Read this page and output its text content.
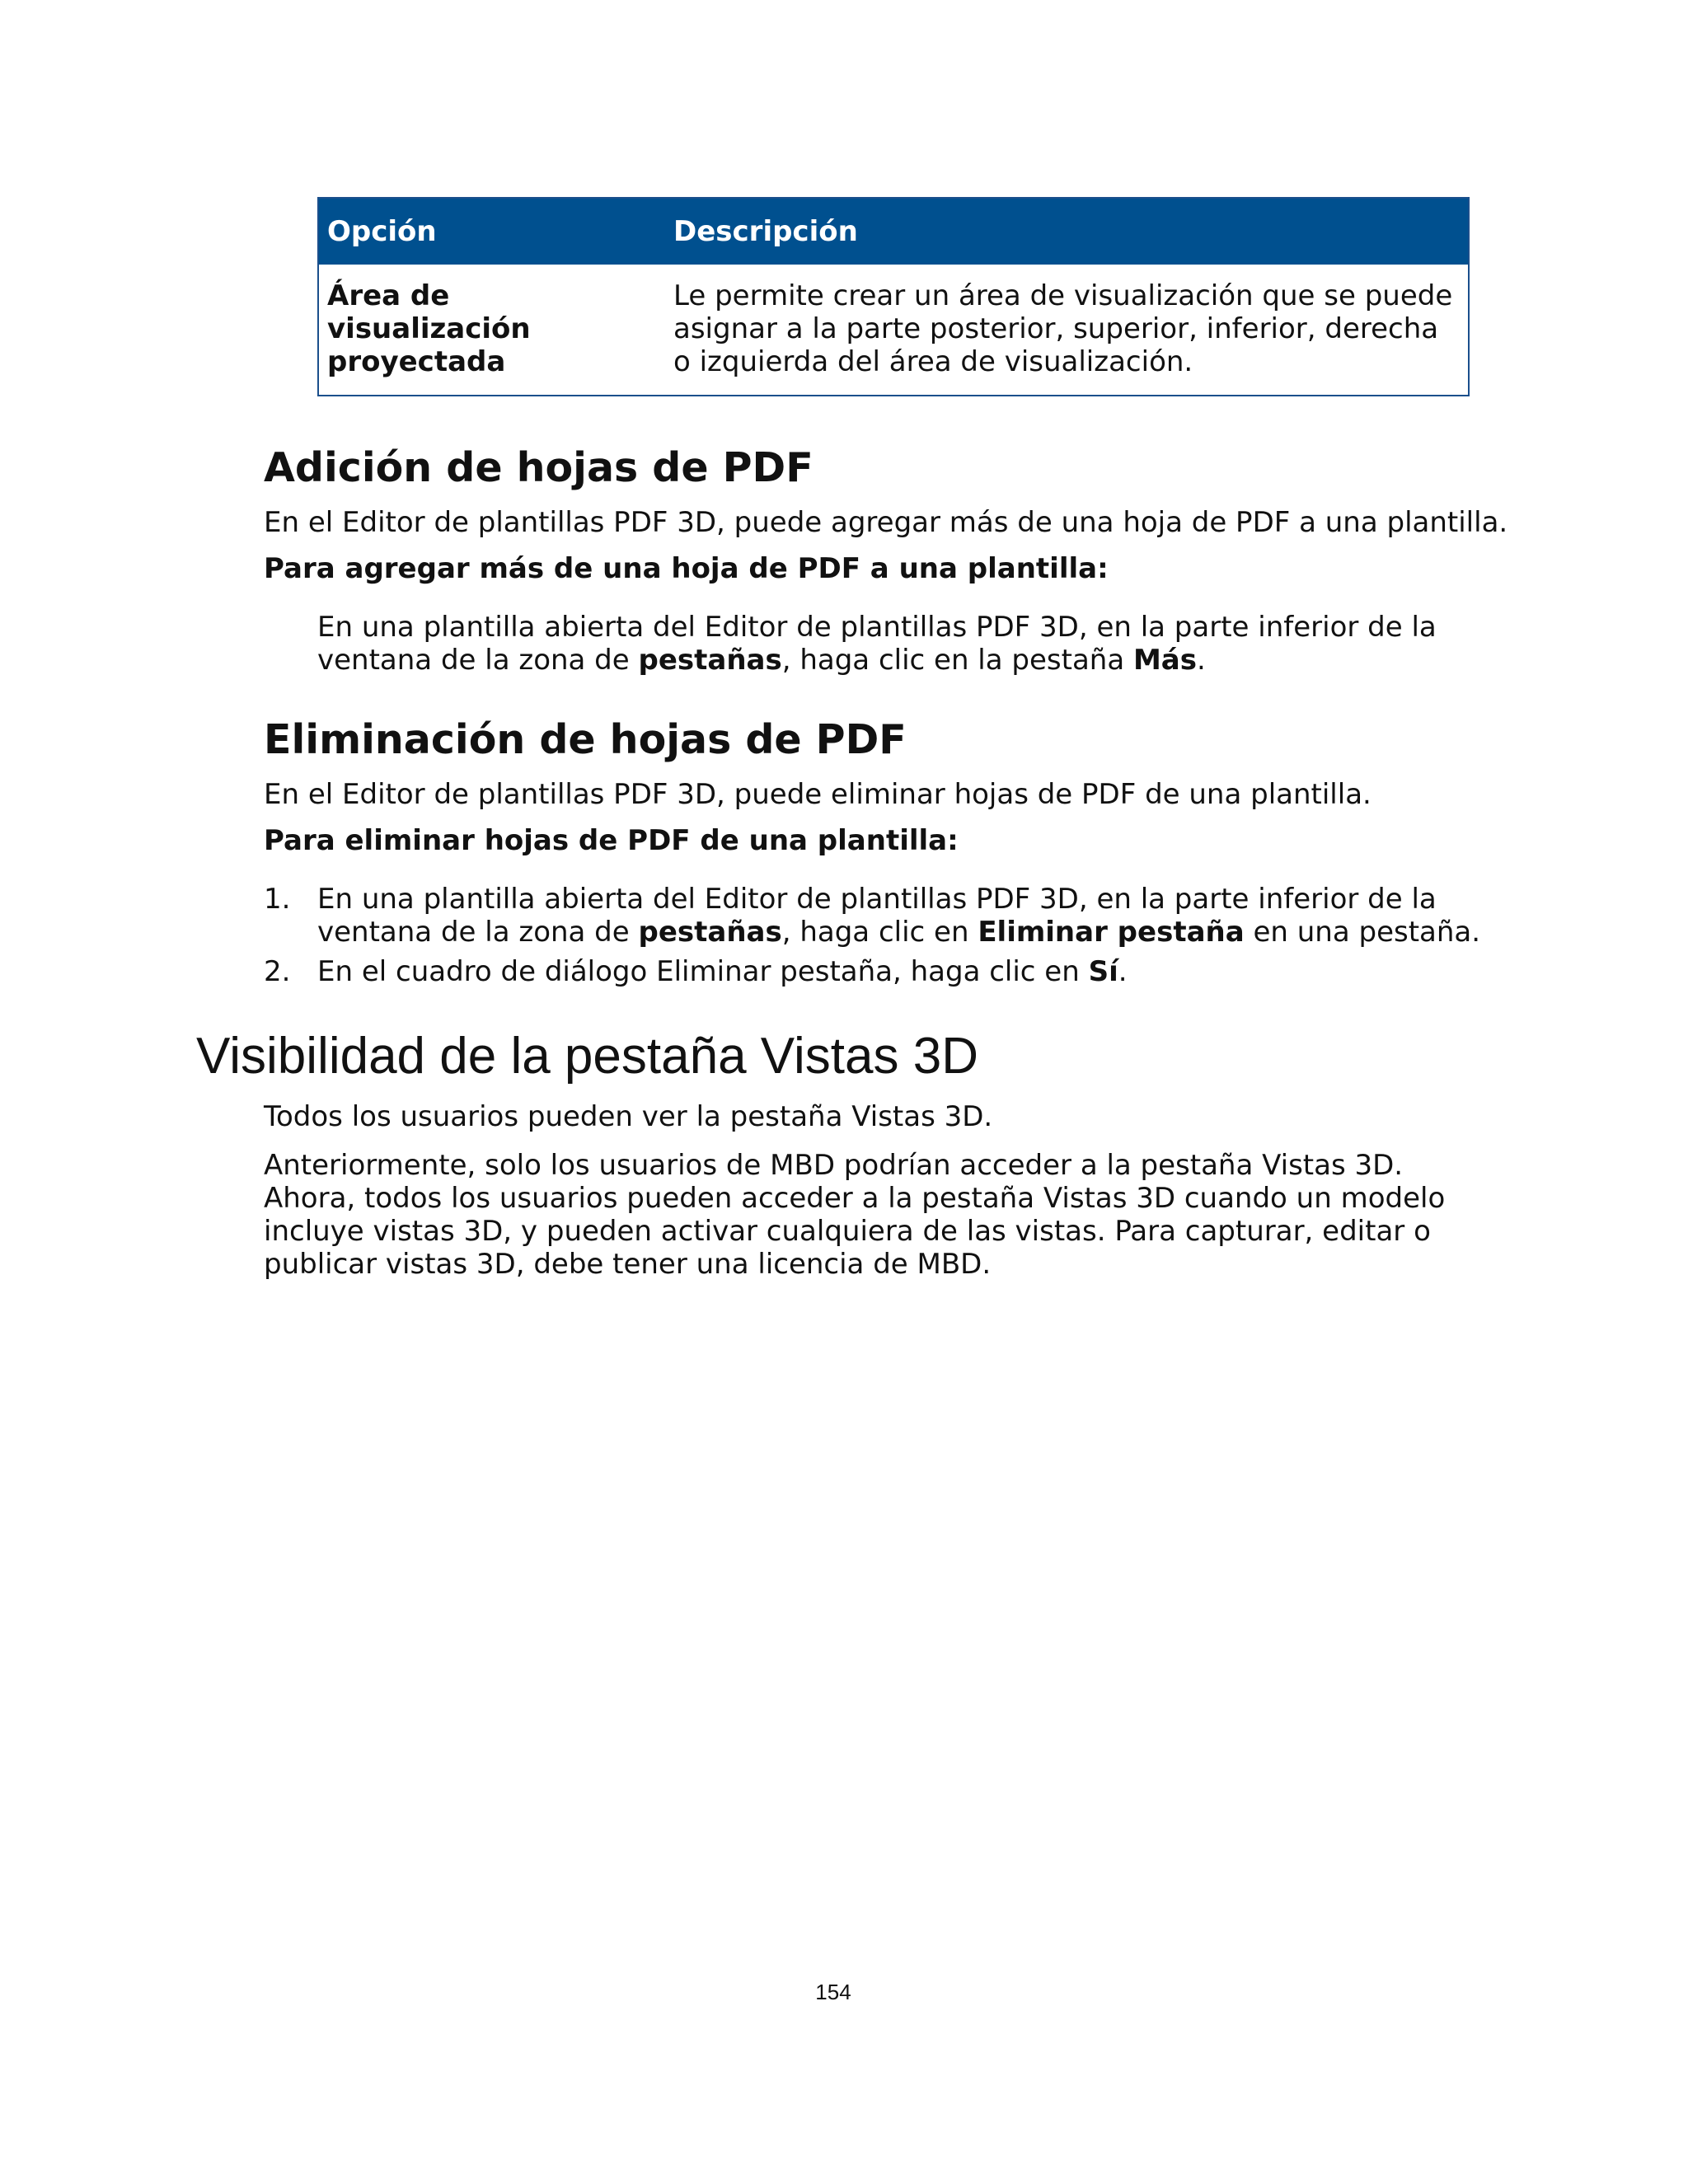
Opción	Descripción
Área de visualización proyectada	Le permite crear un área de visualización que se puede asignar a la parte posterior, superior, inferior, derecha o izquierda del área de visualización.
Adición de hojas de PDF

En el Editor de plantillas PDF 3D, puede agregar más de una hoja de PDF a una plantilla.

Para agregar más de una hoja de PDF a una plantilla:

En una plantilla abierta del Editor de plantillas PDF 3D, en la parte inferior de la ventana de la zona de pestañas, haga clic en la pestaña Más.

Eliminación de hojas de PDF

En el Editor de plantillas PDF 3D, puede eliminar hojas de PDF de una plantilla.

Para eliminar hojas de PDF de una plantilla:

1. En una plantilla abierta del Editor de plantillas PDF 3D, en la parte inferior de la ventana de la zona de pestañas, haga clic en Eliminar pestaña en una pestaña.
2. En el cuadro de diálogo Eliminar pestaña, haga clic en Sí.
Visibilidad de la pestaña Vistas 3D

Todos los usuarios pueden ver la pestaña Vistas 3D.

Anteriormente, solo los usuarios de MBD podrían acceder a la pestaña Vistas 3D. Ahora, todos los usuarios pueden acceder a la pestaña Vistas 3D cuando un modelo incluye vistas 3D, y pueden activar cualquiera de las vistas. Para capturar, editar o publicar vistas 3D, debe tener una licencia de MBD.

154
